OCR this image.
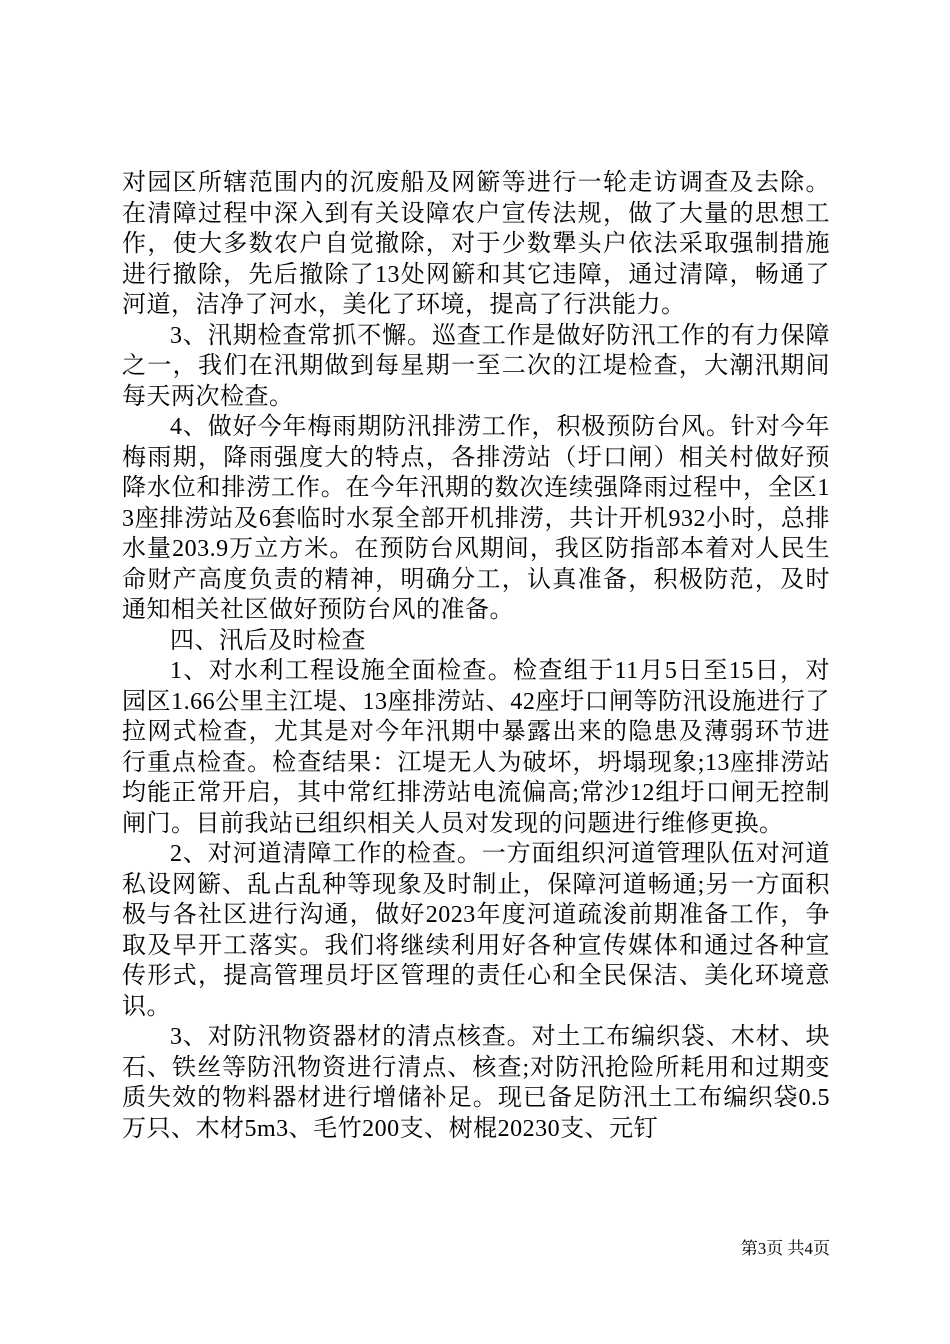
对园区所辖范围内的沉废船及网簖等进行一轮走访调查及去除。在清障过程中深入到有关设障农户宣传法规，做了大量的思想工作，使大多数农户自觉撤除，对于少数犟头户依法采取强制措施进行撤除，先后撤除了13处网簖和其它违障，通过清障，畅通了河道，洁净了河水，美化了环境，提高了行洪能力。

3、汛期检查常抓不懈。巡查工作是做好防汛工作的有力保障之一，我们在汛期做到每星期一至二次的江堤检查，大潮汛期间每天两次检查。

4、做好今年梅雨期防汛排涝工作，积极预防台风。针对今年梅雨期，降雨强度大的特点，各排涝站（圩口闸）相关村做好预降水位和排涝工作。在今年汛期的数次连续强降雨过程中，全区13座排涝站及6套临时水泵全部开机排涝，共计开机932小时，总排水量203.9万立方米。在预防台风期间，我区防指部本着对人民生命财产高度负责的精神，明确分工，认真准备，积极防范，及时通知相关社区做好预防台风的准备。

四、汛后及时检查

1、对水利工程设施全面检查。检查组于11月5日至15日，对园区1.66公里主江堤、13座排涝站、42座圩口闸等防汛设施进行了拉网式检查，尤其是对今年汛期中暴露出来的隐患及薄弱环节进行重点检查。检查结果：江堤无人为破坏，坍塌现象;13座排涝站均能正常开启，其中常红排涝站电流偏高;常沙12组圩口闸无控制闸门。目前我站已组织相关人员对发现的问题进行维修更换。

2、对河道清障工作的检查。一方面组织河道管理队伍对河道私设网簖、乱占乱种等现象及时制止，保障河道畅通;另一方面积极与各社区进行沟通，做好2023年度河道疏浚前期准备工作，争取及早开工落实。我们将继续利用好各种宣传媒体和通过各种宣传形式，提高管理员圩区管理的责任心和全民保洁、美化环境意识。

3、对防汛物资器材的清点核查。对土工布编织袋、木材、块石、铁丝等防汛物资进行清点、核查;对防汛抢险所耗用和过期变质失效的物料器材进行增储补足。现已备足防汛土工布编织袋0.5万只、木材5m3、毛竹200支、树棍20230支、元钉

第3页 共4页
